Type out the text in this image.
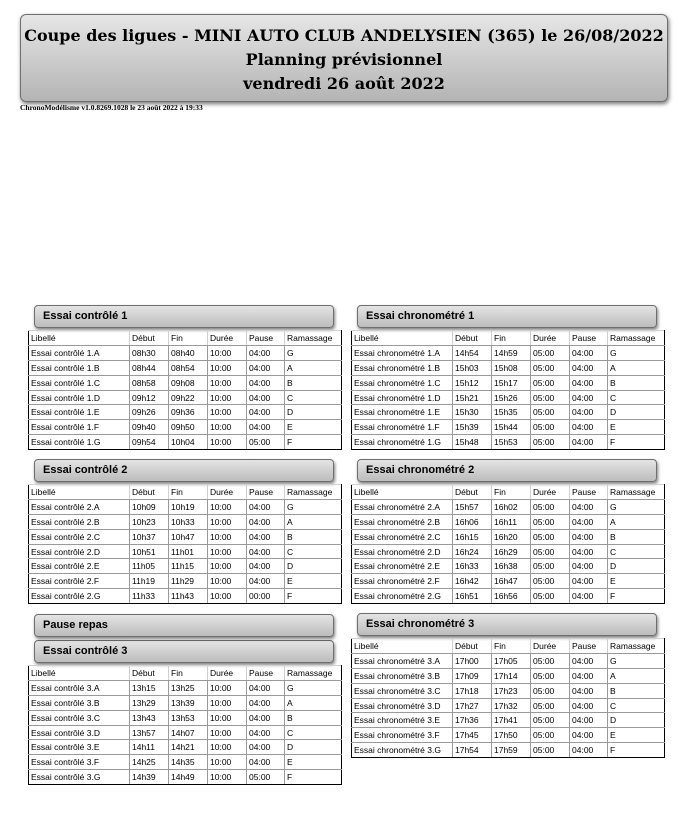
Coupe des ligues - MINI AUTO CLUB ANDELYSIEN (365) le 26/08/2022
Planning prévisionnel
vendredi 26 août 2022
ChronoModélisme v1.0.8269.1028 le 23 août 2022 à 19:33
Essai contrôlé 1
Libellé	Début	Fin	Durée	Pause	Ramassage
Essai contrôlé 1.A	08h30	08h40	10:00	04:00	G
Essai contrôlé 1.B	08h44	08h54	10:00	04:00	A
Essai contrôlé 1.C	08h58	09h08	10:00	04:00	B
Essai contrôlé 1.D	09h12	09h22	10:00	04:00	C
Essai contrôlé 1.E	09h26	09h36	10:00	04:00	D
Essai contrôlé 1.F	09h40	09h50	10:00	04:00	E
Essai contrôlé 1.G	09h54	10h04	10:00	05:00	F
Essai contrôlé 2
Libellé	Début	Fin	Durée	Pause	Ramassage
Essai contrôlé 2.A	10h09	10h19	10:00	04:00	G
Essai contrôlé 2.B	10h23	10h33	10:00	04:00	A
Essai contrôlé 2.C	10h37	10h47	10:00	04:00	B
Essai contrôlé 2.D	10h51	11h01	10:00	04:00	C
Essai contrôlé 2.E	11h05	11h15	10:00	04:00	D
Essai contrôlé 2.F	11h19	11h29	10:00	04:00	E
Essai contrôlé 2.G	11h33	11h43	10:00	00:00	F
Essai contrôlé 3
Libellé	Début	Fin	Durée	Pause	Ramassage
Essai contrôlé 3.A	13h15	13h25	10:00	04:00	G
Essai contrôlé 3.B	13h29	13h39	10:00	04:00	A
Essai contrôlé 3.C	13h43	13h53	10:00	04:00	B
Essai contrôlé 3.D	13h57	14h07	10:00	04:00	C
Essai contrôlé 3.E	14h11	14h21	10:00	04:00	D
Essai contrôlé 3.F	14h25	14h35	10:00	04:00	E
Essai contrôlé 3.G	14h39	14h49	10:00	05:00	F
Essai chronométré 1
Libellé	Début	Fin	Durée	Pause	Ramassage
Essai chronométré 1.A	14h54	14h59	05:00	04:00	G
Essai chronométré 1.B	15h03	15h08	05:00	04:00	A
Essai chronométré 1.C	15h12	15h17	05:00	04:00	B
Essai chronométré 1.D	15h21	15h26	05:00	04:00	C
Essai chronométré 1.E	15h30	15h35	05:00	04:00	D
Essai chronométré 1.F	15h39	15h44	05:00	04:00	E
Essai chronométré 1.G	15h48	15h53	05:00	04:00	F
Essai chronométré 2
Libellé	Début	Fin	Durée	Pause	Ramassage
Essai chronométré 2.A	15h57	16h02	05:00	04:00	G
Essai chronométré 2.B	16h06	16h11	05:00	04:00	A
Essai chronométré 2.C	16h15	16h20	05:00	04:00	B
Essai chronométré 2.D	16h24	16h29	05:00	04:00	C
Essai chronométré 2.E	16h33	16h38	05:00	04:00	D
Essai chronométré 2.F	16h42	16h47	05:00	04:00	E
Essai chronométré 2.G	16h51	16h56	05:00	04:00	F
Essai chronométré 3
Libellé	Début	Fin	Durée	Pause	Ramassage
Essai chronométré 3.A	17h00	17h05	05:00	04:00	G
Essai chronométré 3.B	17h09	17h14	05:00	04:00	A
Essai chronométré 3.C	17h18	17h23	05:00	04:00	B
Essai chronométré 3.D	17h27	17h32	05:00	04:00	C
Essai chronométré 3.E	17h36	17h41	05:00	04:00	D
Essai chronométré 3.F	17h45	17h50	05:00	04:00	E
Essai chronométré 3.G	17h54	17h59	05:00	04:00	F
Pause repas
